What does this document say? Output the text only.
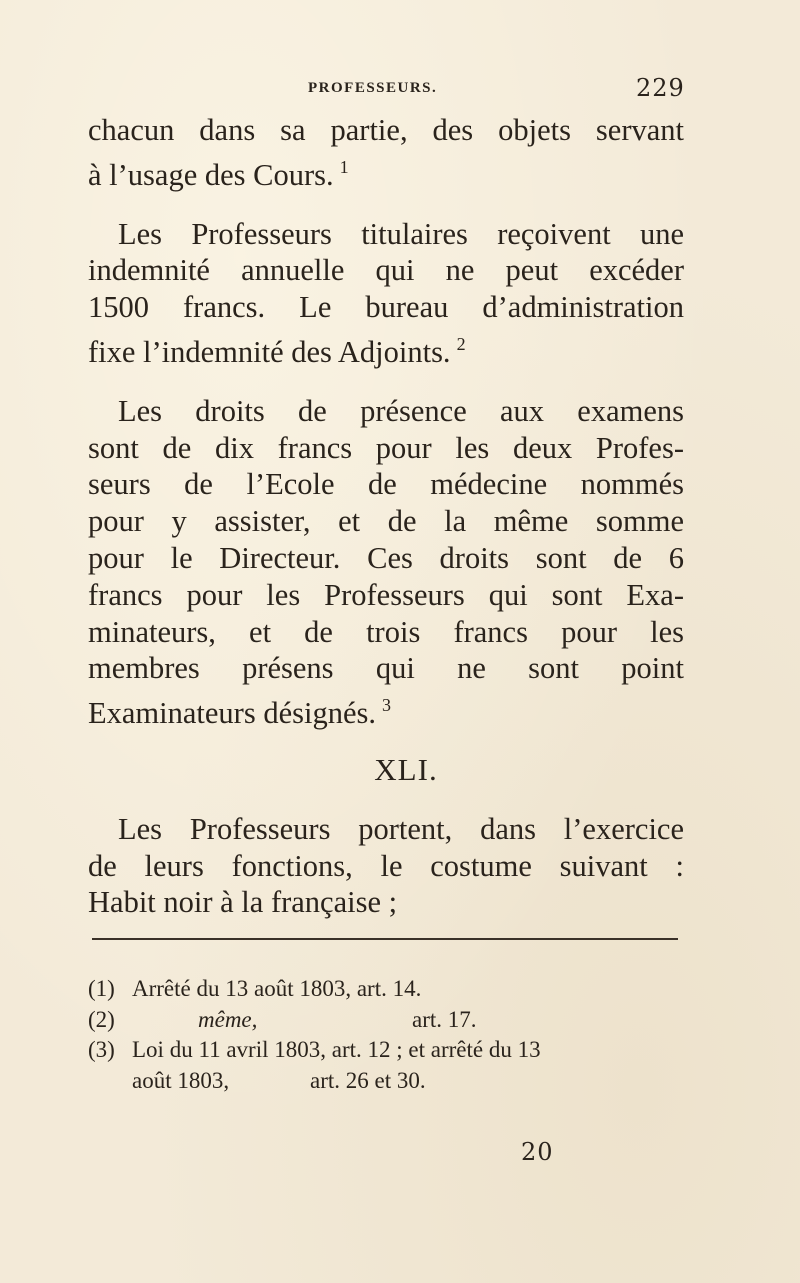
PROFESSEURS.	229
chacun dans sa partie, des objets servant
à l’usage des Cours. $^1$
Les Professeurs titulaires reçoivent une
indemnité annuelle qui ne peut excéder
1500 francs. Le bureau d’administration
fixe l’indemnité des Adjoints. $^2$
Les droits de présence aux examens
sont de dix francs pour les deux Profes-
seurs de l’Ecole de médecine nommés
pour y assister, et de la même somme
pour le Directeur. Ces droits sont de 6
francs pour les Professeurs qui sont Exa-
minateurs, et de trois francs pour les
membres présens qui ne sont point
Examinateurs désignés. $^3$
XLI.
Les Professeurs portent, dans l’exercice
de leurs fonctions, le costume suivant :
Habit noir à la française ;
(1) Arrêté du 13 août 1803, art. 14.
(2)	même,	art. 17.
(3) Loi du 11 avril 1803, art. 12 ; et arrêté du 13
août 1803,	art. 26 et 30.
20
